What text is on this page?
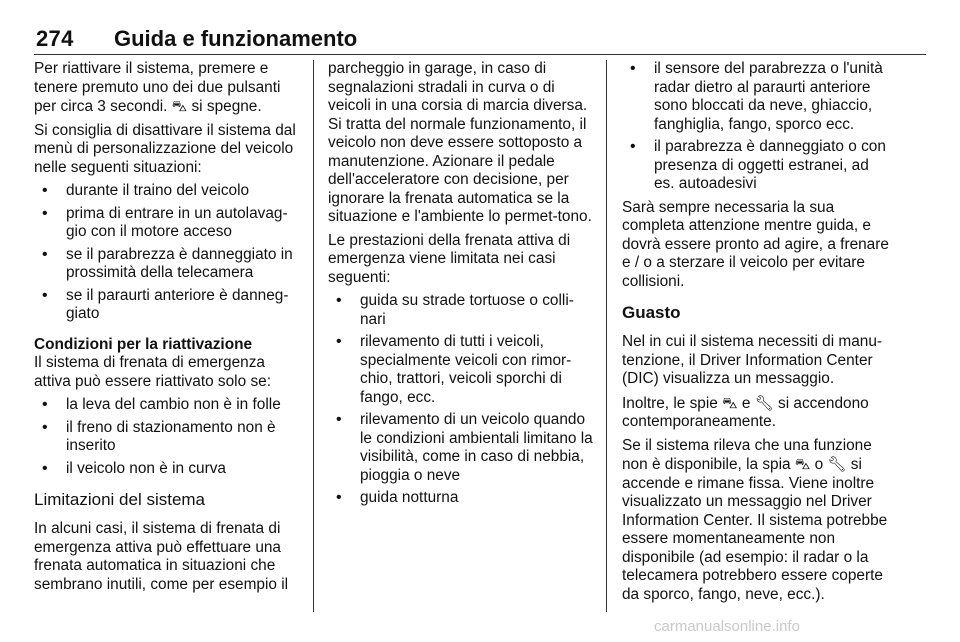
274 Guida e funzionamento

Per riattivare il sistema, premere e tenere premuto uno dei due pulsanti per circa 3 secondi. ⛍ si spegne.

Si consiglia di disattivare il sistema dal menù di personalizzazione del veicolo nelle seguenti situazioni:

• durante il traino del veicolo
• prima di entrare in un autolavag-gio con il motore acceso
• se il parabrezza è danneggiato in prossimità della telecamera
• se il paraurti anteriore è danneg-giato

Condizioni per la riattivazione

Il sistema di frenata di emergenza attiva può essere riattivato solo se:

• la leva del cambio non è in folle
• il freno di stazionamento non è inserito
• il veicolo non è in curva
Limitazioni del sistema

In alcuni casi, il sistema di frenata di emergenza attiva può effettuare una frenata automatica in situazioni che sembrano inutili, come per esempio il

parcheggio in garage, in caso di segnalazioni stradali in curva o di veicoli in una corsia di marcia diversa. Si tratta del normale funzionamento, il veicolo non deve essere sottoposto a manutenzione. Azionare il pedale dell'acceleratore con decisione, per ignorare la frenata automatica se la situazione e l'ambiente lo permet-tono.

Le prestazioni della frenata attiva di emergenza viene limitata nei casi seguenti:

• guida su strade tortuose o colli-nari
• rilevamento di tutti i veicoli, specialmente veicoli con rimor-chio, trattori, veicoli sporchi di fango, ecc.
• rilevamento di un veicolo quando le condizioni ambientali limitano la visibilità, come in caso di nebbia, pioggia o neve
• guida notturna
• il sensore del parabrezza o l'unità radar dietro al paraurti anteriore sono bloccati da neve, ghiaccio, fanghiglia, fango, sporco ecc.
• il parabrezza è danneggiato o con presenza di oggetti estranei, ad es. autoadesivi

Sarà sempre necessaria la sua completa attenzione mentre guida, e dovrà essere pronto ad agire, a frenare e / o a sterzare il veicolo per evitare collisioni.

Guasto

Nel in cui il sistema necessiti di manu-tenzione, il Driver Information Center (DIC) visualizza un messaggio.

Inoltre, le spie ⛍ e 🔧︎ si accendono contemporaneamente.

Se il sistema rileva che una funzione non è disponibile, la spia ⛍ o 🔧︎ si accende e rimane fissa. Viene inoltre visualizzato un messaggio nel Driver Information Center. Il sistema potrebbe essere momentaneamente non disponibile (ad esempio: il radar o la telecamera potrebbero essere coperte da sporco, fango, neve, ecc.).

carmanualsonline.info
